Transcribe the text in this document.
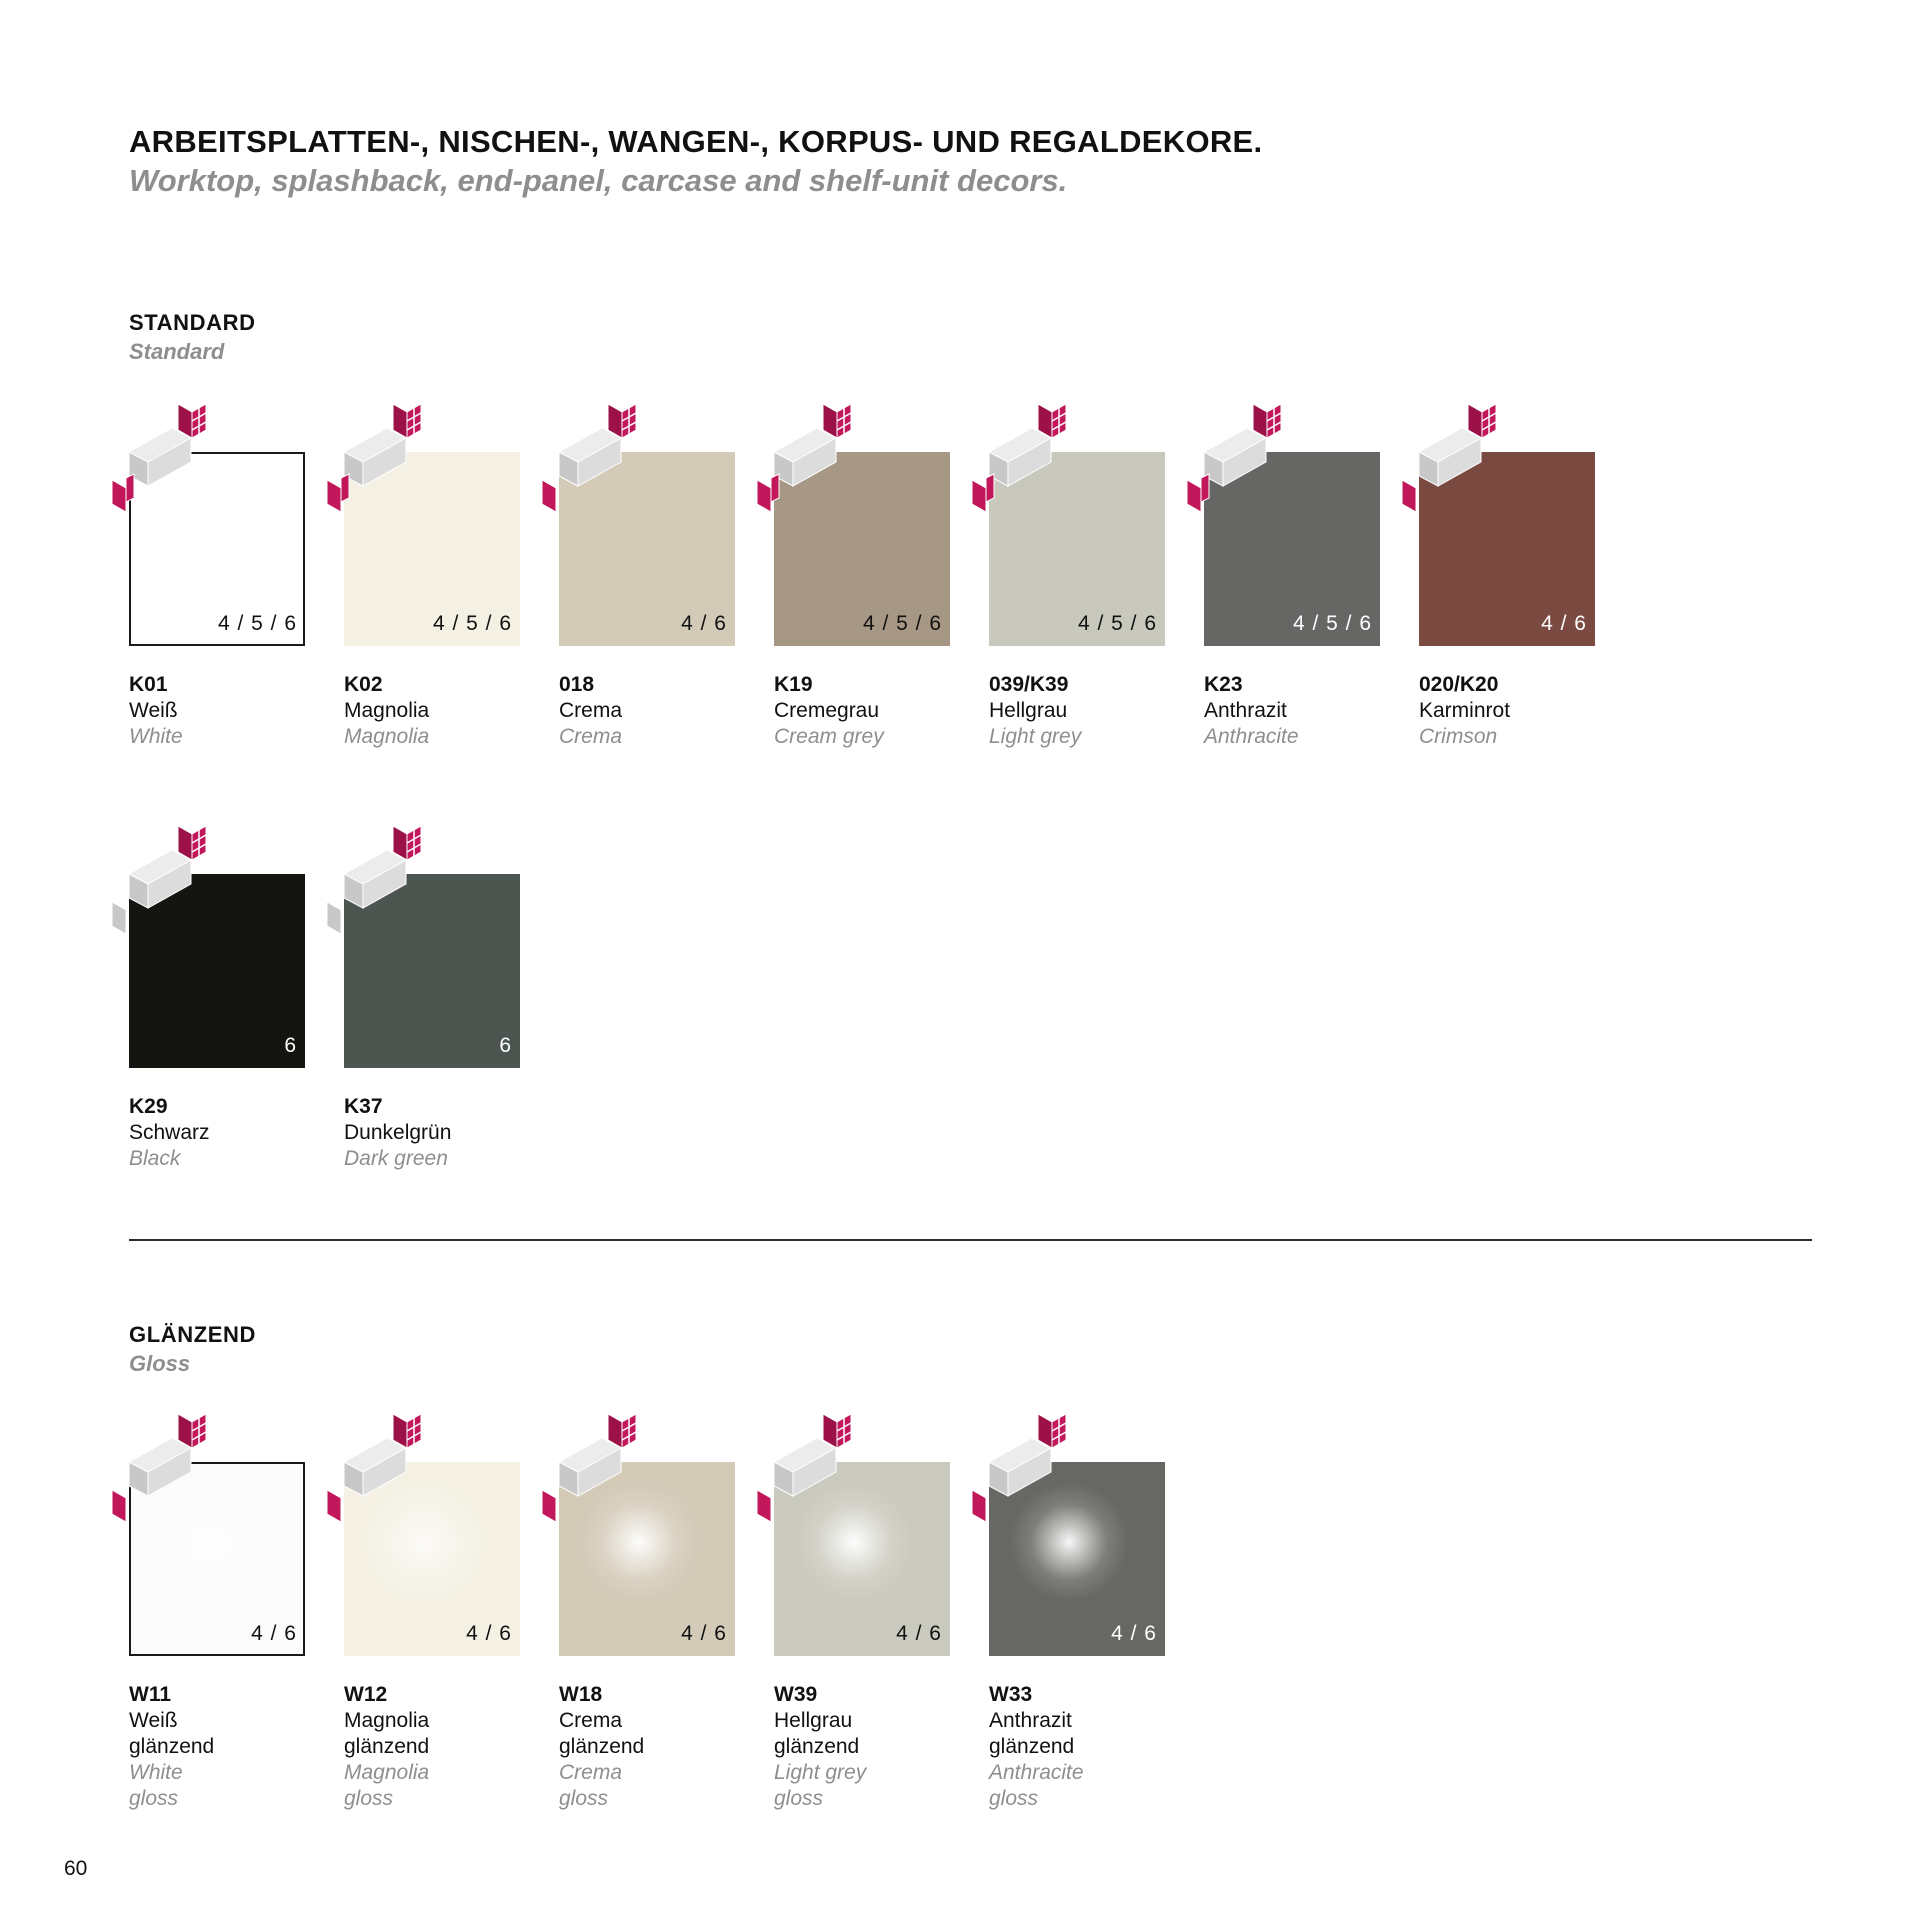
ARBEITSPLATTEN-, NISCHEN-, WANGEN-, KORPUS- UND REGALDEKORE.
Worktop, splashback, end-panel, carcase and shelf-unit decors.
STANDARD
Standard
4 / 5 / 6
K01
Weiß
White
4 / 5 / 6
K02
Magnolia
Magnolia
4 / 6
018
Crema
Crema
4 / 5 / 6
K19
Cremegrau
Cream grey
4 / 5 / 6
039/K39
Hellgrau
Light grey
4 / 5 / 6
K23
Anthrazit
Anthracite
4 / 6
020/K20
Karminrot
Crimson
6
K29
Schwarz
Black
6
K37
Dunkelgrün
Dark green
GLÄNZEND
Gloss
4 / 6
W11
Weiß
glänzend
White
gloss
4 / 6
W12
Magnolia
glänzend
Magnolia
gloss
4 / 6
W18
Crema
glänzend
Crema
gloss
4 / 6
W39
Hellgrau
glänzend
Light grey
gloss
4 / 6
W33
Anthrazit
glänzend
Anthracite
gloss
60
